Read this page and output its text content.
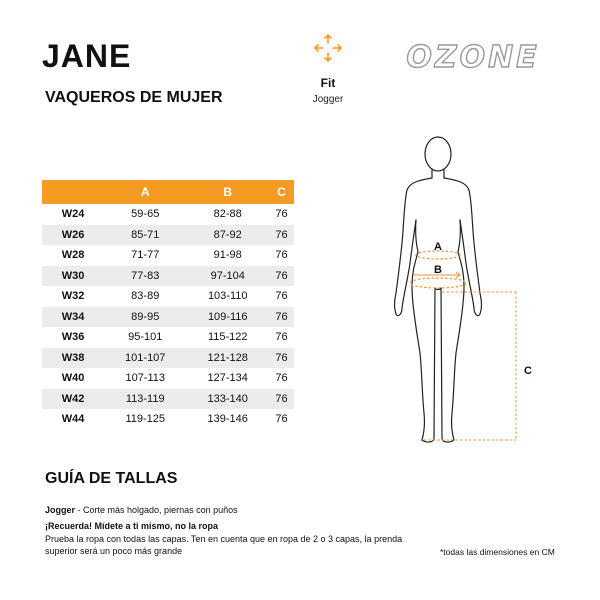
JANE
VAQUEROS DE MUJER
Fit
Jogger
OZONE
	A	B	C
W24	59-65	82-88	76
W26	85-71	87-92	76
W28	71-77	91-98	76
W30	77-83	97-104	76
W32	83-89	103-110	76
W34	89-95	109-116	76
W36	95-101	115-122	76
W38	101-107	121-128	76
W40	107-113	127-134	76
W42	113-119	133-140	76
W44	119-125	139-146	76
A
B
C
GUÍA DE TALLAS
Jogger - Corte más holgado, piernas con puños
¡Recuerda! Mídete a ti mismo, no la ropa
Prueba la ropa con todas las capas. Ten en cuenta que en ropa de 2 o 3 capas, la prenda superior será un poco más grande	*todas las dimensiones en CM
